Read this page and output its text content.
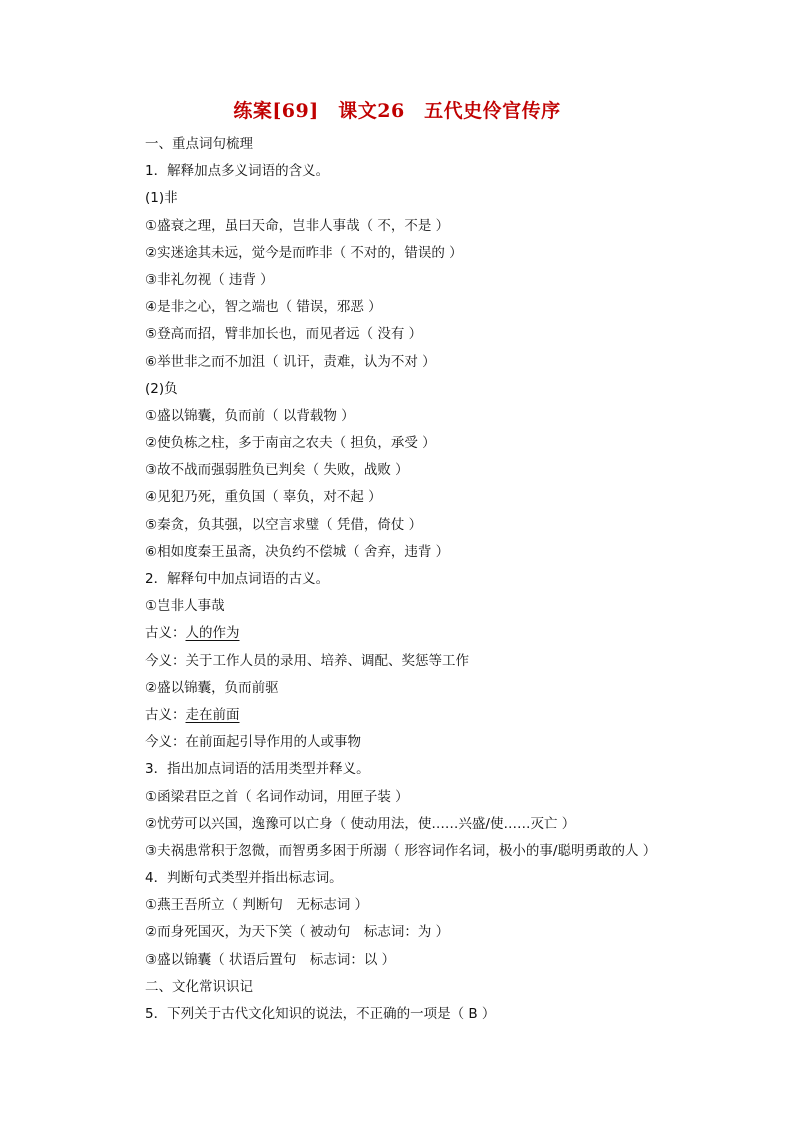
练案[69]　课文26　五代史伶官传序
一、重点词句梳理
1．解释加点多义词语的含义。
(1)非
①盛衰之理，虽曰天命，岂非人事哉（ 不，不是 ）
②实迷途其未远，觉今是而昨非（ 不对的，错误的 ）
③非礼勿视（ 违背 ）
④是非之心，智之端也（ 错误，邪恶 ）
⑤登高而招，臂非加长也，而见者远（ 没有 ）
⑥举世非之而不加沮（ 讥讦，责难，认为不对 ）
(2)负
①盛以锦囊，负而前（ 以背载物 ）
②使负栋之柱，多于南亩之农夫（ 担负，承受 ）
③故不战而强弱胜负已判矣（ 失败，战败 ）
④见犯乃死，重负国（ 辜负，对不起 ）
⑤秦贪，负其强，以空言求璧（ 凭借，倚仗 ）
⑥相如度秦王虽斋，决负约不偿城（ 舍弃，违背 ）
2．解释句中加点词语的古义。
①岂非人事哉
古义：人的作为
今义：关于工作人员的录用、培养、调配、奖惩等工作
②盛以锦囊，负而前驱
古义：走在前面
今义：在前面起引导作用的人或事物
3．指出加点词语的活用类型并释义。
①函梁君臣之首（ 名词作动词，用匣子装 ）
②忧劳可以兴国，逸豫可以亡身（ 使动用法，使……兴盛/使……灭亡 ）
③夫祸患常积于忽微，而智勇多困于所溺（ 形容词作名词，极小的事/聪明勇敢的人 ）
4．判断句式类型并指出标志词。
①燕王吾所立（ 判断句　无标志词 ）
②而身死国灭，为天下笑（ 被动句　标志词：为 ）
③盛以锦囊（ 状语后置句　标志词：以 ）
二、文化常识识记
5．下列关于古代文化知识的说法，不正确的一项是（ B ）
